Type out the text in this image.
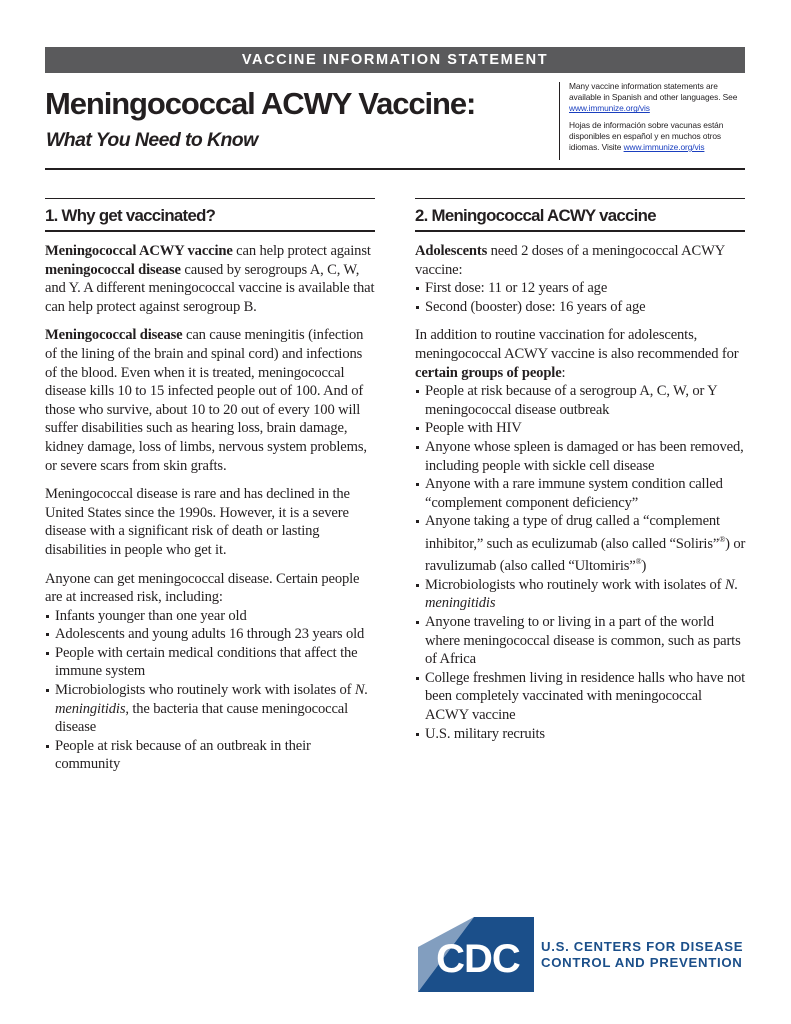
VACCINE INFORMATION STATEMENT
Meningococcal ACWY Vaccine:
What You Need to Know

Many vaccine information statements are available in Spanish and other languages. See www.immunize.org/vis

Hojas de información sobre vacunas están disponibles en español y en muchos otros idiomas. Visite www.immunize.org/vis

1. Why get vaccinated?	2. Meningococcal ACWY vaccine

Meningococcal ACWY vaccine can help protect against meningococcal disease caused by serogroups A, C, W, and Y. A different meningococcal vaccine is available that can help protect against serogroup B.

Meningococcal disease can cause meningitis (infection of the lining of the brain and spinal cord) and infections of the blood. Even when it is treated, meningococcal disease kills 10 to 15 infected people out of 100. And of those who survive, about 10 to 20 out of every 100 will suffer disabilities such as hearing loss, brain damage, kidney damage, loss of limbs, nervous system problems, or severe scars from skin grafts.

Meningococcal disease is rare and has declined in the United States since the 1990s. However, it is a severe disease with a significant risk of death or lasting disabilities in people who get it.

Anyone can get meningococcal disease. Certain people are at increased risk, including:

Infants younger than one year old
Adolescents and young adults 16 through 23 years old
People with certain medical conditions that affect the immune system
Microbiologists who routinely work with isolates of N. meningitidis, the bacteria that cause meningococcal disease
People at risk because of an outbreak in their community

Adolescents need 2 doses of a meningococcal ACWY vaccine:

First dose: 11 or 12 years of age
Second (booster) dose: 16 years of age

In addition to routine vaccination for adolescents, meningococcal ACWY vaccine is also recommended for certain groups of people:

People at risk because of a serogroup A, C, W, or Y meningococcal disease outbreak
People with HIV
Anyone whose spleen is damaged or has been removed, including people with sickle cell disease
Anyone with a rare immune system condition called “complement component deficiency”
Anyone taking a type of drug called a “complement inhibitor,” such as eculizumab (also called “Soliris”®) or ravulizumab (also called “Ultomiris”®)
Microbiologists who routinely work with isolates of N. meningitidis
Anyone traveling to or living in a part of the world where meningococcal disease is common, such as parts of Africa
College freshmen living in residence halls who have not been completely vaccinated with meningococcal ACWY vaccine
U.S. military recruits
CDC U.S. CENTERS FOR DISEASE
CONTROL AND PREVENTION
